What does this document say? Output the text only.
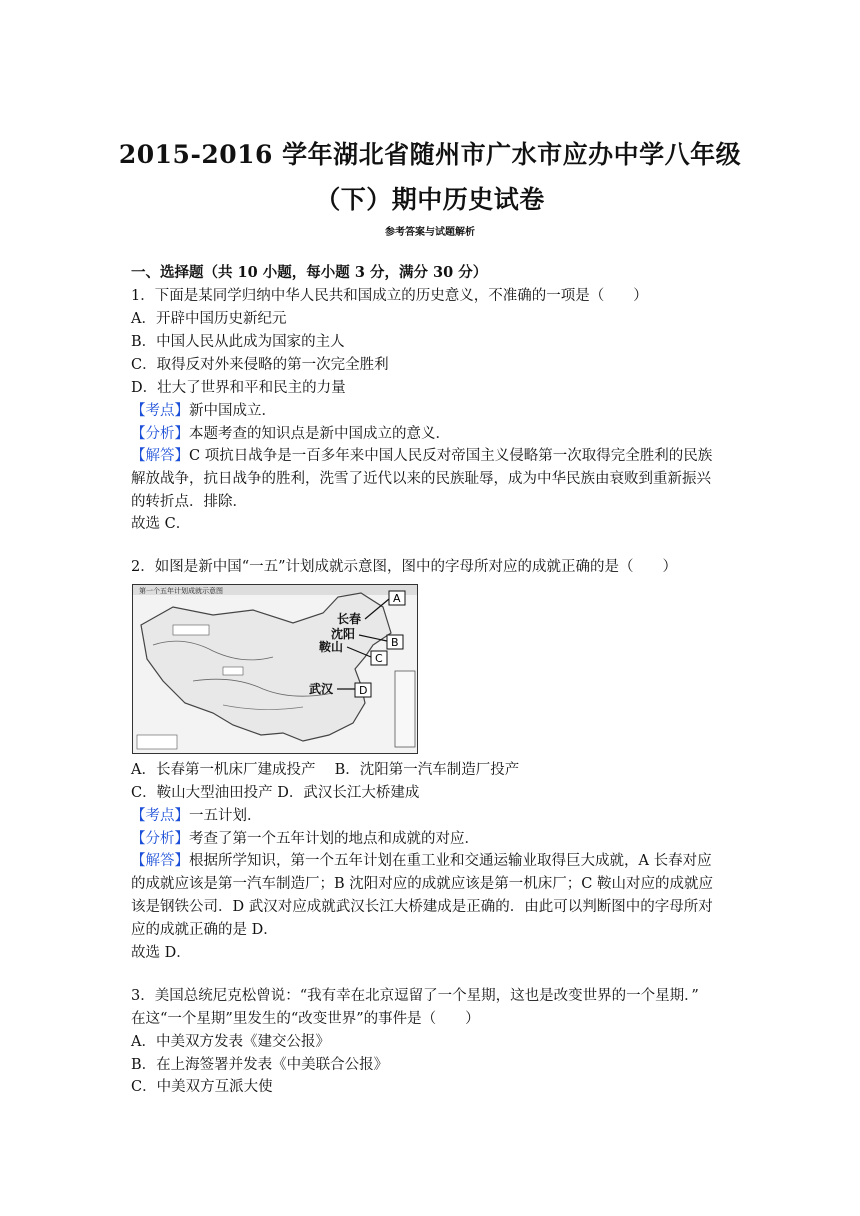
2015-2016 学年湖北省随州市广水市应办中学八年级
（下）期中历史试卷
参考答案与试题解析
一、选择题（共 10 小题，每小题 3 分，满分 30 分）
1．下面是某同学归纳中华人民共和国成立的历史意义，不准确的一项是（　　）
A．开辟中国历史新纪元
B．中国人民从此成为国家的主人
C．取得反对外来侵略的第一次完全胜利
D．壮大了世界和平和民主的力量
【考点】新中国成立．
【分析】本题考查的知识点是新中国成立的意义．
【解答】C 项抗日战争是一百多年来中国人民反对帝国主义侵略第一次取得完全胜利的民族
解放战争，抗日战争的胜利，洗雪了近代以来的民族耻辱，成为中华民族由衰败到重新振兴
的转折点．排除．
故选 C．
2．如图是新中国“一五”计划成就示意图，图中的字母所对应的成就正确的是（　　）
第一个五年计划成就示意图
长春
沈阳
鞍山
武汉
A
B
C
D
A．长春第一机床厂建成投产　 B．沈阳第一汽车制造厂投产
C．鞍山大型油田投产 D．武汉长江大桥建成
【考点】一五计划．
【分析】考查了第一个五年计划的地点和成就的对应．
【解答】根据所学知识，第一个五年计划在重工业和交通运输业取得巨大成就，A 长春对应
的成就应该是第一汽车制造厂；B 沈阳对应的成就应该是第一机床厂；C 鞍山对应的成就应
该是钢铁公司．D 武汉对应成就武汉长江大桥建成是正确的．由此可以判断图中的字母所对
应的成就正确的是 D．
故选 D．
3．美国总统尼克松曾说：“我有幸在北京逗留了一个星期，这也是改变世界的一个星期．”
在这“一个星期”里发生的“改变世界”的事件是（　　）
A．中美双方发表《建交公报》
B．在上海签署并发表《中美联合公报》
C．中美双方互派大使
